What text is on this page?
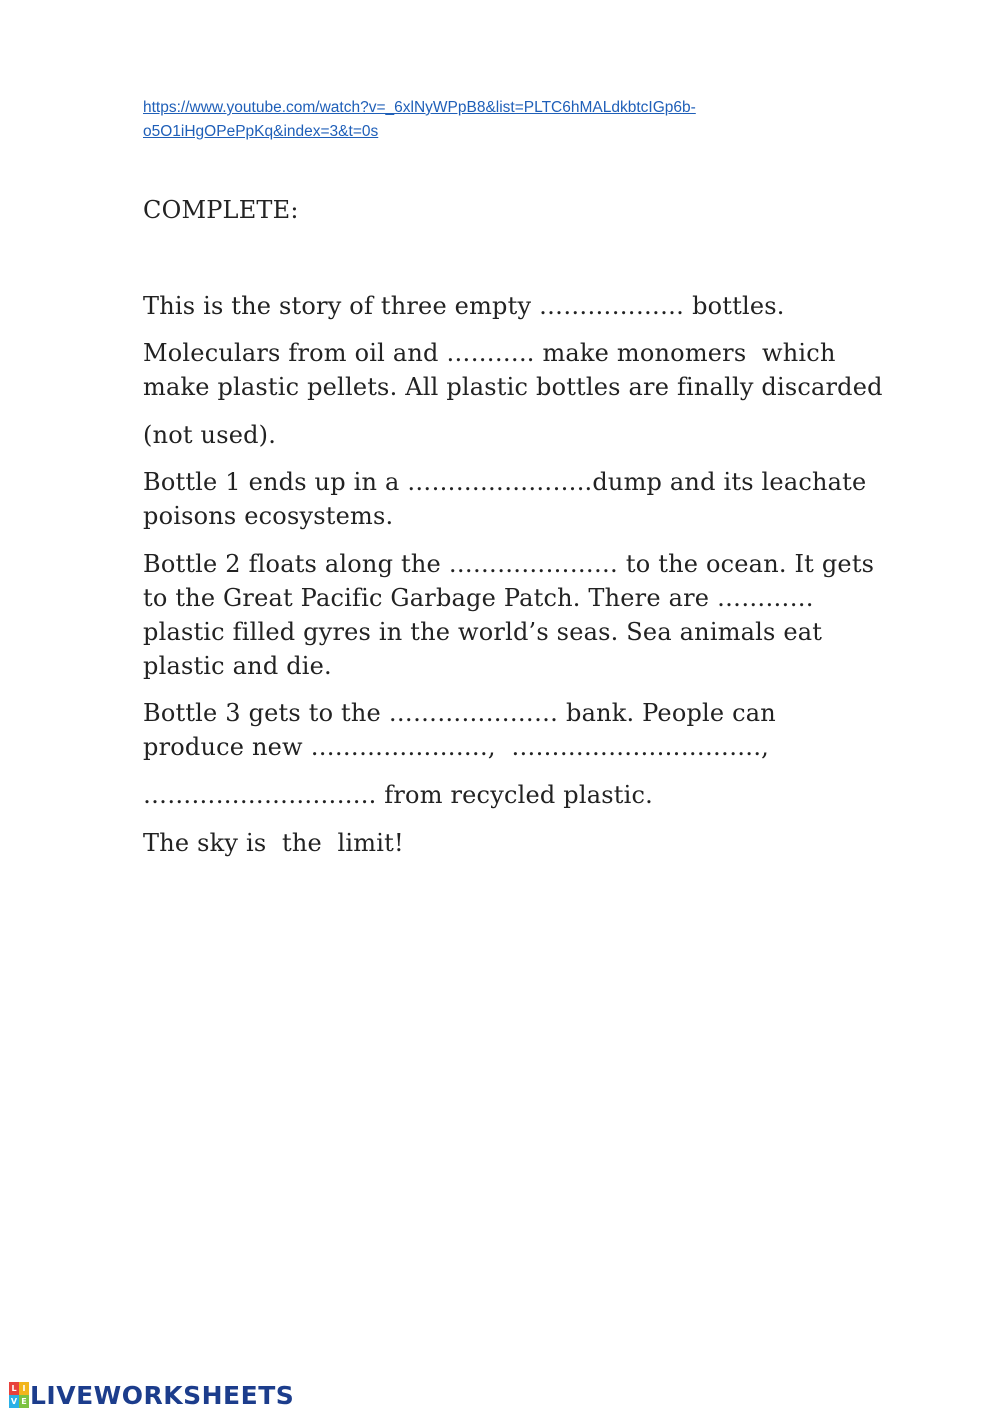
https://www.youtube.com/watch?v=_6xlNyWPpB8&list=PLTC6hMALdkbtcIGp6b-
o5O1iHgOPePpKq&index=3&t=0s
COMPLETE:
This is the story of three empty ……………… bottles.
Moleculars from oil and ……….. make monomers  which
make plastic pellets. All plastic bottles are finally discarded
(not used).
Bottle 1 ends up in a …………………..dump and its leachate
poisons ecosystems.
Bottle 2 floats along the ………………… to the ocean. It gets
to the Great Pacific Garbage Patch. There are …………
plastic filled gyres in the world’s seas. Sea animals eat
plastic and die.
Bottle 3 gets to the ………………… bank. People can
produce new ………………….,  ………………………….,
……………………….. from recycled plastic.
The sky is  the  limit!
L I
V E LIVEWORKSHEETS
